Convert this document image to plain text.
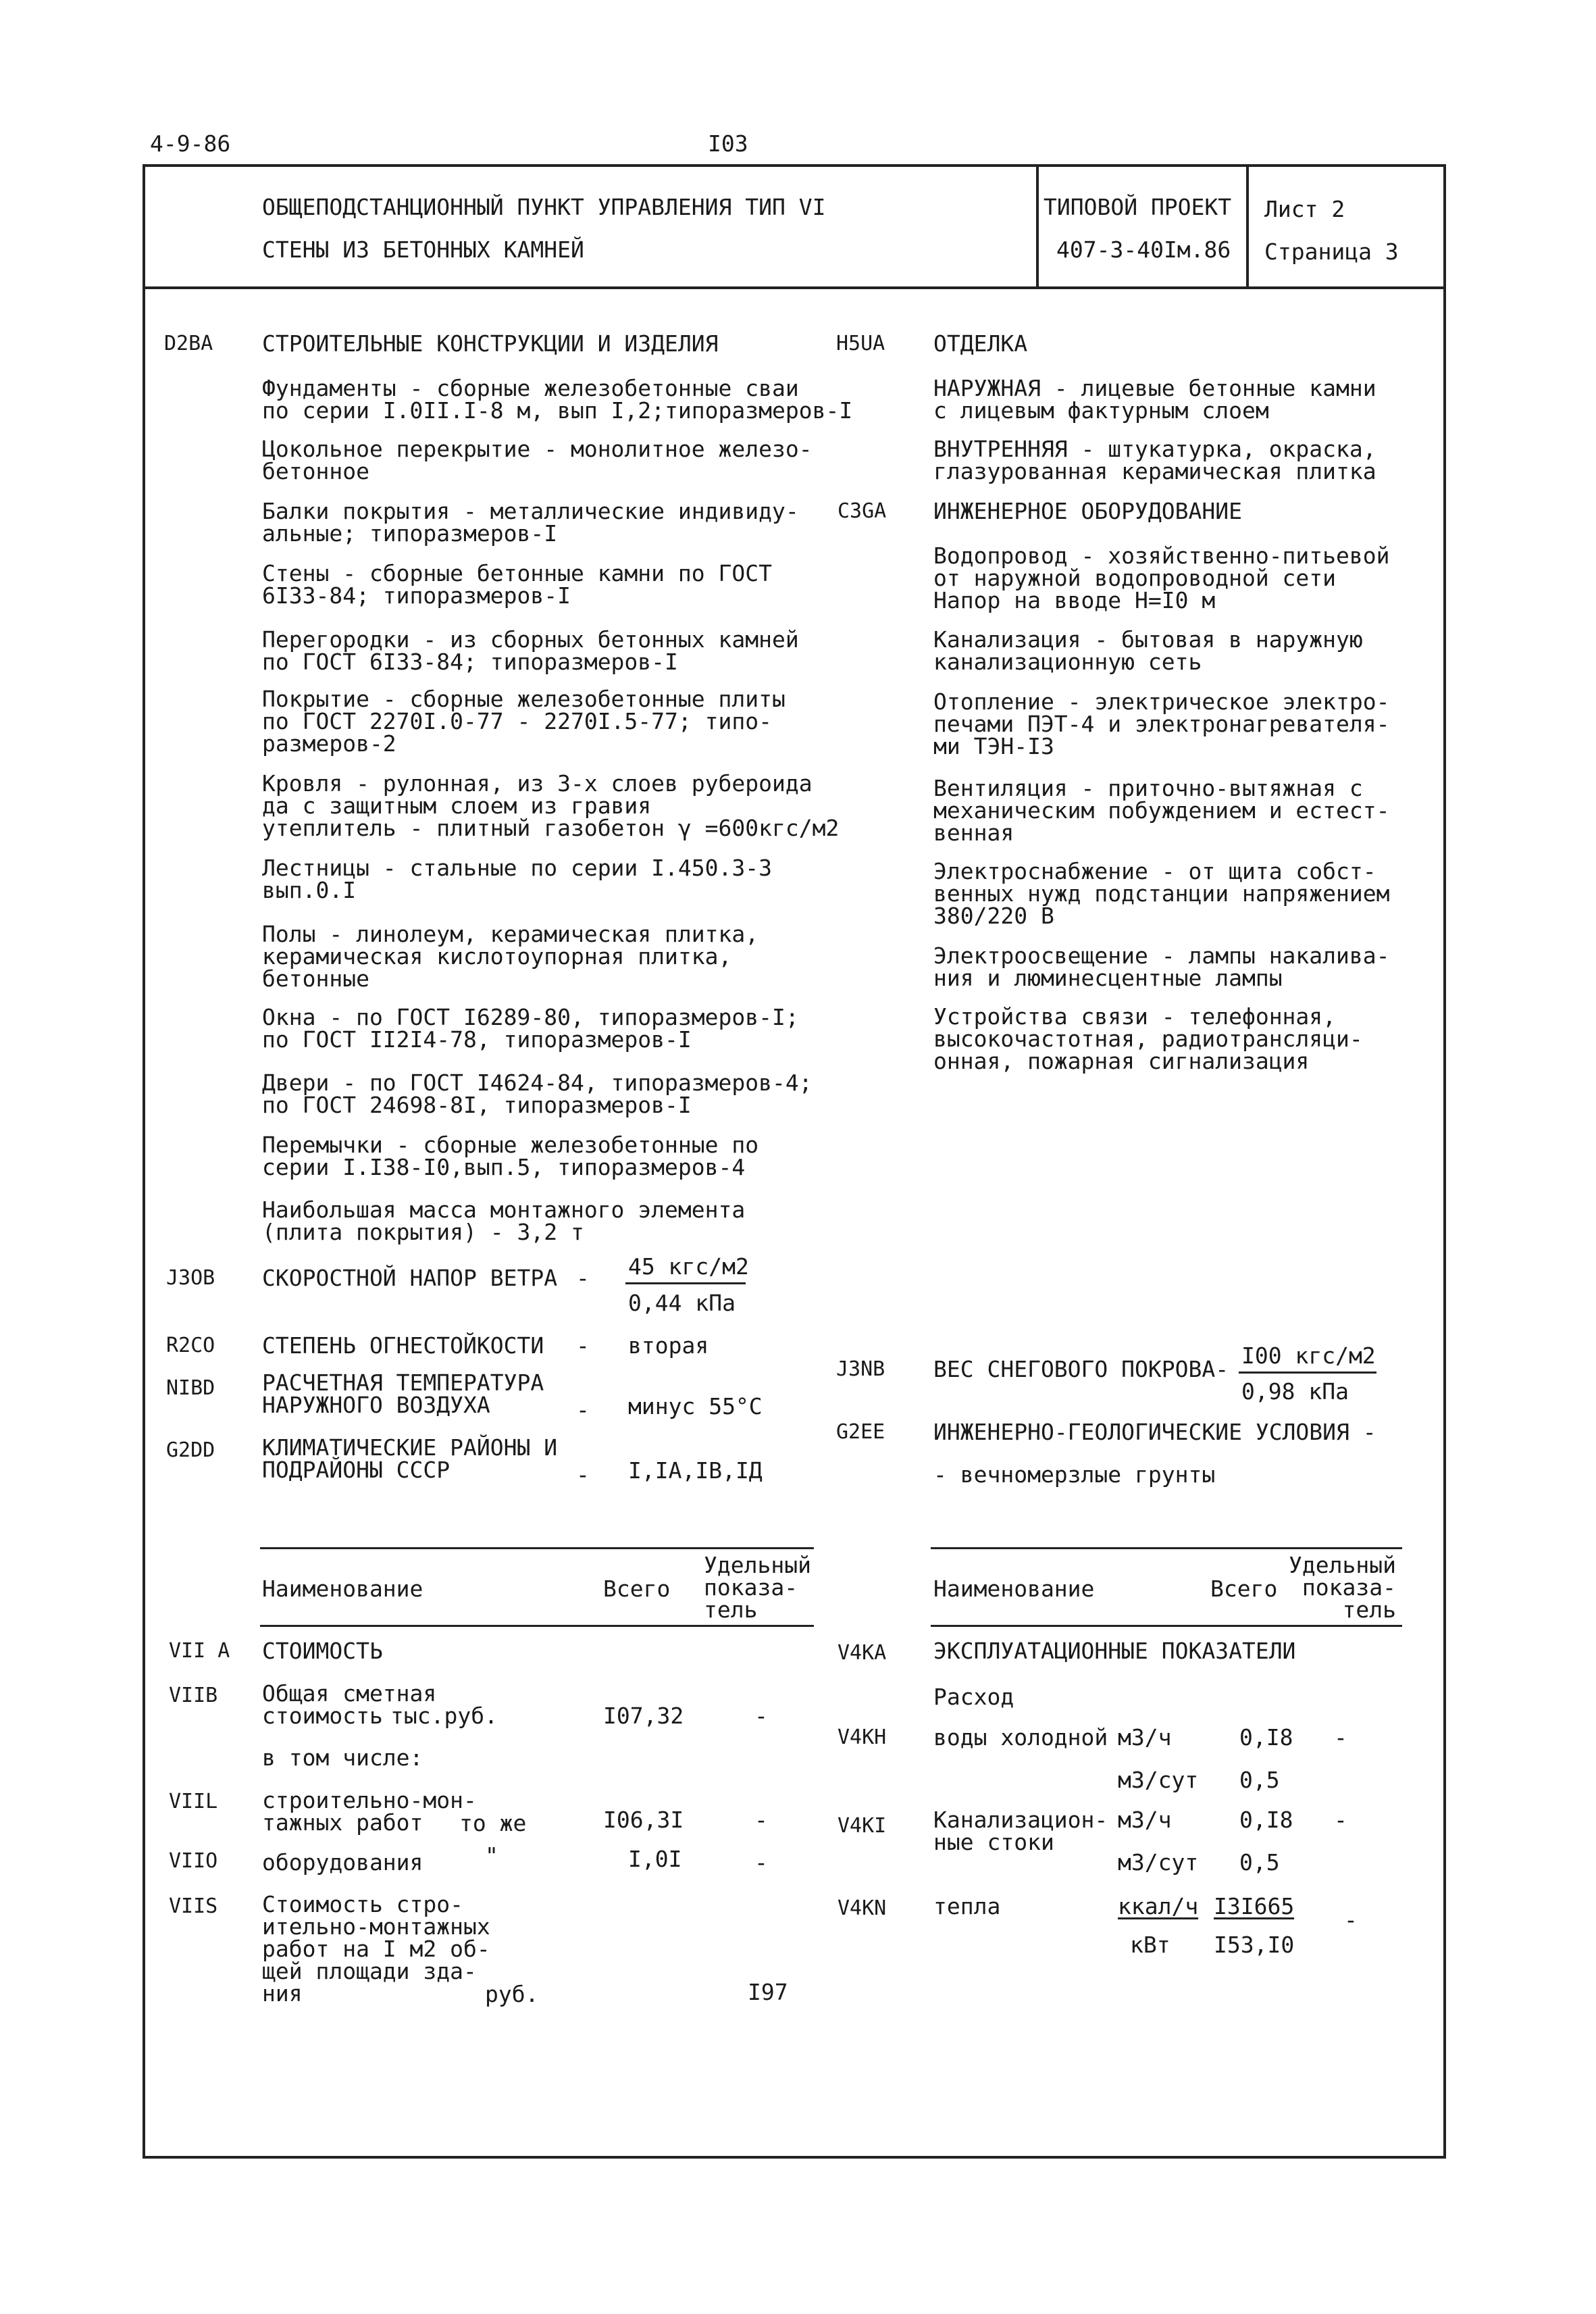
4-9-86	I03
ОБЩЕПОДСТАНЦИОННЫЙ ПУНКТ УПРАВЛЕНИЯ ТИП VI
СТЕНЫ ИЗ БЕТОННЫХ КАМНЕЙ
ТИПОВОЙ ПРОЕКТ
407-3-40Iм.86
Лист 2
Страница 3
D2BA СТРОИТЕЛЬНЫЕ КОНСТРУКЦИИ И ИЗДЕЛИЯ
Фундаменты - сборные железобетонные сваи
по серии I.0II.I-8 м, вып I,2;типоразмеров-I
Цокольное перекрытие - монолитное железо-
бетонное
Балки покрытия - металлические индивиду-
альные; типоразмеров-I
Стены - сборные бетонные камни по ГОСТ
6I33-84; типоразмеров-I
Перегородки - из сборных бетонных камней
по ГОСТ 6I33-84; типоразмеров-I
Покрытие - сборные железобетонные плиты
по ГОСТ 2270I.0-77 - 2270I.5-77; типо-
размеров-2
Кровля - рулонная, из 3-х слоев рубероида
да с защитным слоем из гравия
утеплитель - плитный газобетон γ =600кгс/м2
Лестницы - стальные по серии I.450.3-3
вып.0.I
Полы - линолеум, керамическая плитка,
керамическая кислотоупорная плитка,
бетонные
Окна - по ГОСТ I6289-80, типоразмеров-I;
по ГОСТ II2I4-78, типоразмеров-I
Двери - по ГОСТ I4624-84, типоразмеров-4;
по ГОСТ 24698-8I, типоразмеров-I
Перемычки - сборные железобетонные по
серии I.I38-I0,вып.5, типоразмеров-4
Наибольшая масса монтажного элемента
(плита покрытия) - 3,2 т
J3OB СКОРОСТНОЙ НАПОР ВЕТРА - 45 кгс/м2
0,44 кПа
R2CO СТЕПЕНЬ ОГНЕСТОЙКОСТИ - вторая
NIBD РАСЧЕТНАЯ ТЕМПЕРАТУРА
НАРУЖНОГО ВОЗДУХА	- минус 55°С
G2DD КЛИМАТИЧЕСКИЕ РАЙОНЫ И
ПОДРАЙОНЫ СССР	- I,IA,IB,IД
H5UA ОТДЕЛКА
НАРУЖНАЯ - лицевые бетонные камни
с лицевым фактурным слоем
ВНУТРЕННЯЯ - штукатурка, окраска,
глазурованная керамическая плитка
C3GA ИНЖЕНЕРНОЕ ОБОРУДОВАНИЕ
Водопровод - хозяйственно-питьевой
от наружной водопроводной сети
Напор на вводе Н=I0 м
Канализация - бытовая в наружную
канализационную сеть
Отопление - электрическое электро-
печами ПЭТ-4 и электронагревателя-
ми ТЭН-I3
Вентиляция - приточно-вытяжная с
механическим побуждением и естест-
венная
Электроснабжение - от щита собст-
венных нужд подстанции напряжением
380/220 В
Электроосвещение - лампы накалива-
ния и люминесцентные лампы
Устройства связи - телефонная,
высокочастотная, радиотрансляци-
онная, пожарная сигнализация
J3NB ВЕС СНЕГОВОГО ПОКРОВА-
I00 кгс/м2
0,98 кПа
G2EE ИНЖЕНЕРНО-ГЕОЛОГИЧЕСКИЕ УСЛОВИЯ -
- вечномерзлые грунты
Наименование	Всего
Удельный
показа-
тель
VII A СТОИМОСТЬ
VIIB Общая сметная
стоимость тыс.руб.	I07,32	-
в том числе:
VIIL строительно-мон-
тажных работ	то же	I06,3I	-
VIIO оборудования	"	I,0I	-
VIIS Стоимость стро-
ительно-монтажных
работ на I м2 об-
щей площади зда-
ния	руб.	I97
Наименование	Всего
Удельный
показа-
тель
V4KA ЭКСПЛУАТАЦИОННЫЕ ПОКАЗАТЕЛИ
Расход
V4KH воды холодной м3/ч	0,I8 -
м3/сут 0,5
V4KI Канализацион-
ные стоки
м3/ч	0,I8 -
м3/сут 0,5
V4KN тепла	ккал/ч I3I665
-
кВт I53,I0
